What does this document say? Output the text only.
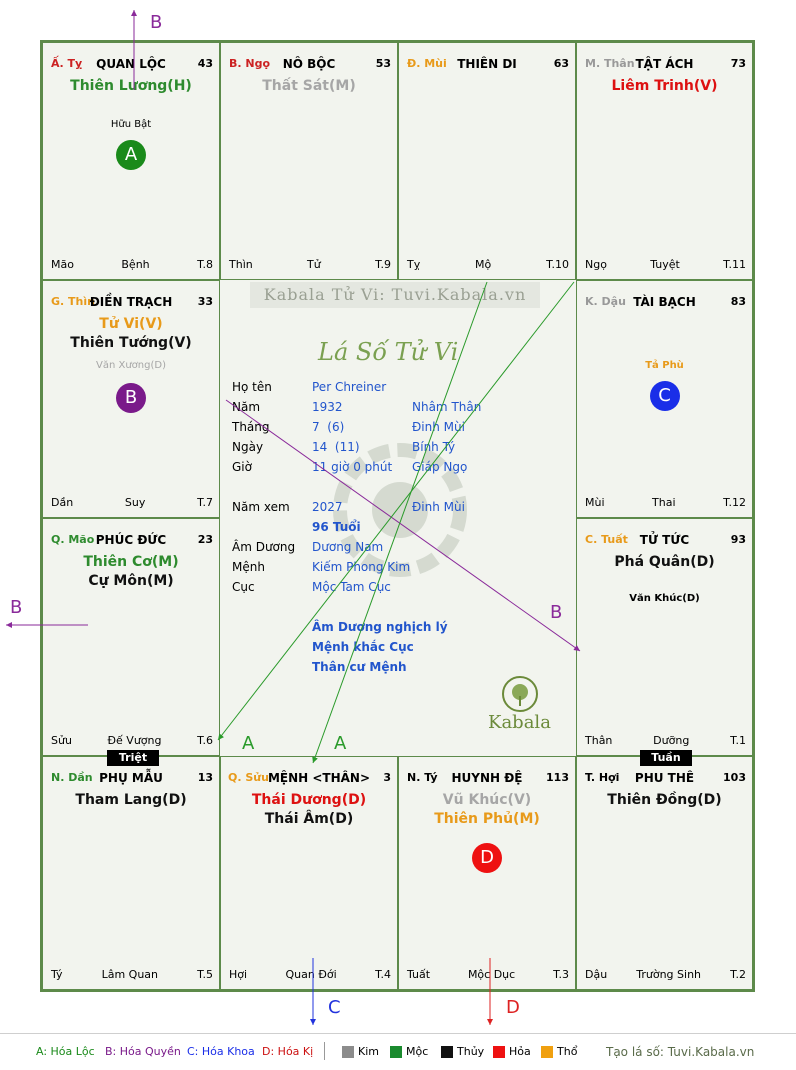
Ấ. Tỵ	QUAN LỘC	43
Thiên Lương(H)
Hữu Bật
A
Mão	Bệnh	T.8
B. Ngọ	NÔ BỘC	53
Thất Sát(M)
Thìn	Tử	T.9
Đ. Mùi THIÊN DI	63
Tỵ	Mộ	T.10
M. Thân TẬT ÁCH	73
Liêm Trinh(V)
Ngọ	Tuyệt	T.11
G. Thìn
ĐIỀN TRẠCH	33
Tử Vi(V)
Thiên Tướng(V)
Văn Xương(D)
B
Dần	Suy	T.7
K. Dậu TÀI BẠCH	83
Tả Phù
C
Mùi	Thai	T.12
Q. Mão PHÚC ĐỨC	23
Thiên Cơ(M)
Cự Môn(M)
Sửu	Đế Vượng	T.6
C. Tuất TỬ TỨC	93
Phá Quân(D)
Văn Khúc(D)
Thân	Dưỡng	T.1
N. Dần PHỤ MẪU	13
Tham Lang(D)
Tý	Lâm Quan	T.5
Q. Sửu MỆNH <THÂN>	3
Thái Dương(D)
Thái Âm(D)
Hợi	Quan Đới	T.4
N. Tý	HUYNH ĐỆ	113
Vũ Khúc(V)
Thiên Phủ(M)
D
Tuất	Mộc Dục	T.3
T. Hợi	PHU THÊ	103
Thiên Đồng(D)
Dậu	Trường Sinh	T.2
Kabala Tử Vi: Tuvi.Kabala.vn
Lá Số Tử Vi
Họ tên	Per Chreiner
Năm	1932	Nhâm Thân
Tháng	7  (6)	Đinh Mùi
Ngày	14  (11)	Bính Tý
Giờ	11 giờ 0 phút Giáp Ngọ
Năm xem 2027	Đinh Mùi
96 Tuổi
Âm Dương Dương Nam
Mệnh	Kiếm Phong Kim
Cục	Mộc Tam Cục
Âm Dương nghịch lý
Mệnh khắc Cục
Thân cư Mệnh
Kabala
Triệt	Tuần
B
B	B
A	A
C	D
A: Hóa Lộc B: Hóa Quyền C: Hóa Khoa D: Hóa Kị	Kim Mộc	Thủy Hỏa Thổ Tạo lá số: Tuvi.Kabala.vn
